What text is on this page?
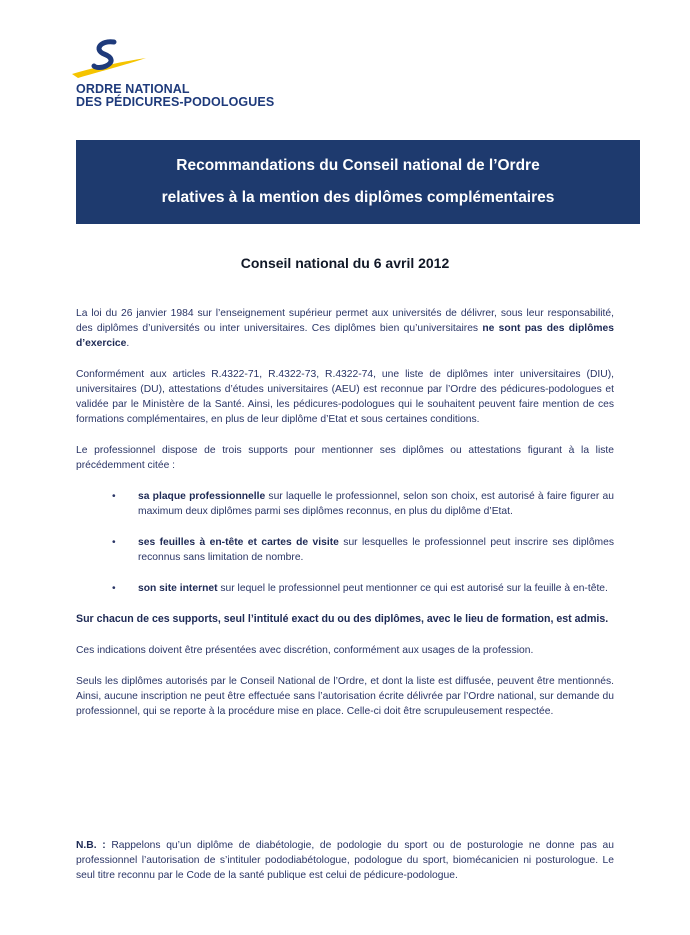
ORDRE NATIONAL
DES PÉDICURES-PODOLOGUES
Recommandations du Conseil national de l’Ordre
relatives à la mention des diplômes complémentaires
Conseil national du 6 avril 2012

La loi du 26 janvier 1984 sur l’enseignement supérieur permet aux universités de délivrer, sous leur responsabilité, des diplômes d’universités ou inter universitaires. Ces diplômes bien qu’universitaires ne sont pas des diplômes d’exercice.

Conformément aux articles R.4322-71, R.4322-73, R.4322-74, une liste de diplômes inter universitaires (DIU), universitaires (DU), attestations d’études universitaires (AEU) est reconnue par l’Ordre des pédicures-podologues et validée par le Ministère de la Santé. Ainsi, les pédicures-podologues qui le souhaitent peuvent faire mention de ces formations complémentaires, en plus de leur diplôme d’Etat et sous certaines conditions.

Le professionnel dispose de trois supports pour mentionner ses diplômes ou attestations figurant à la liste précédemment citée :

• sa plaque professionnelle sur laquelle le professionnel, selon son choix, est autorisé à faire figurer au maximum deux diplômes parmi ses diplômes reconnus, en plus du diplôme d’Etat.
• ses feuilles à en-tête et cartes de visite sur lesquelles le professionnel peut inscrire ses diplômes reconnus sans limitation de nombre.
• son site internet sur lequel le professionnel peut mentionner ce qui est autorisé sur la feuille à en-tête.

Sur chacun de ces supports, seul l’intitulé exact du ou des diplômes, avec le lieu de formation, est admis.

Ces indications doivent être présentées avec discrétion, conformément aux usages de la profession.

Seuls les diplômes autorisés par le Conseil National de l’Ordre, et dont la liste est diffusée, peuvent être mentionnés. Ainsi, aucune inscription ne peut être effectuée sans l’autorisation écrite délivrée par l’Ordre national, sur demande du professionnel, qui se reporte à la procédure mise en place. Celle-ci doit être scrupuleusement respectée.

N.B. : Rappelons qu’un diplôme de diabétologie, de podologie du sport ou de posturologie ne donne pas au professionnel l’autorisation de s’intituler pododiabétologue, podologue du sport, biomécanicien ni posturologue. Le seul titre reconnu par le Code de la santé publique est celui de pédicure-podologue.
